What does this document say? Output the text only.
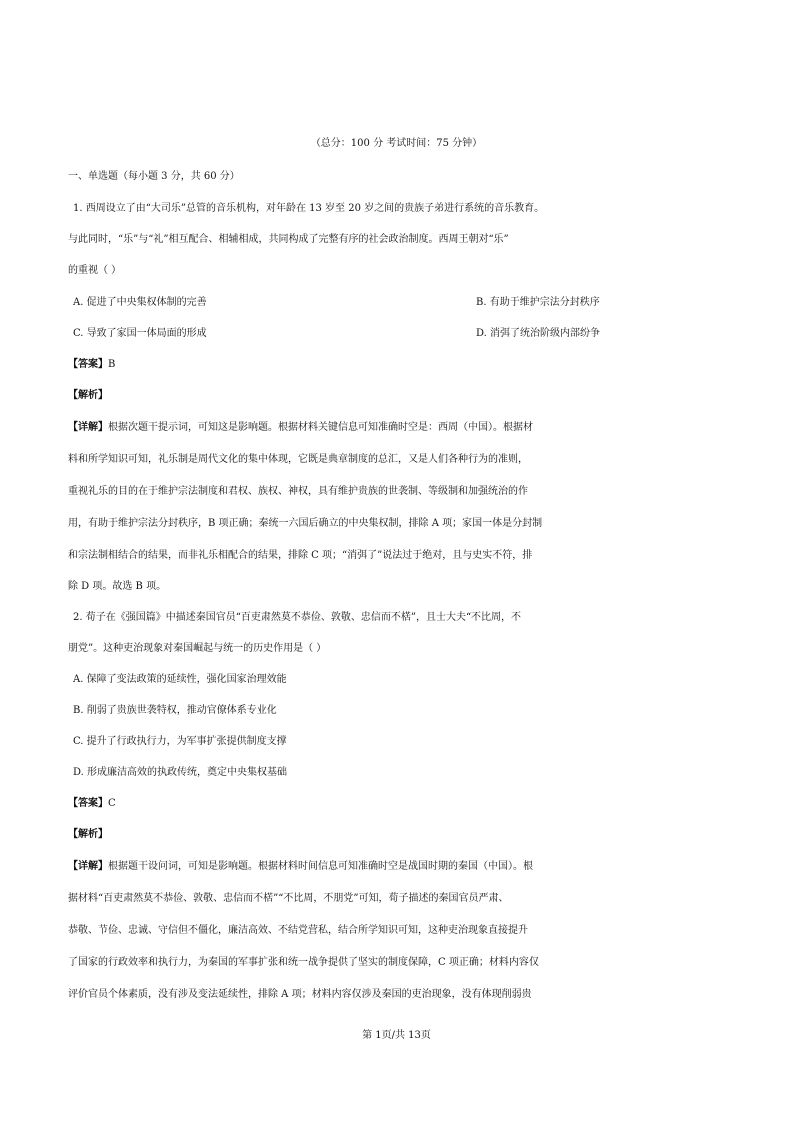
（总分：100 分 考试时间：75 分钟）
一、单选题（每小题 3 分，共 60 分）
1. 西周设立了由“大司乐”总管的音乐机构，对年龄在 13 岁至 20 岁之间的贵族子弟进行系统的音乐教育。
与此同时，“乐”与“礼”相互配合、相辅相成，共同构成了完整有序的社会政治制度。西周王朝对“乐”
的重视（ ）
A. 促进了中央集权体制的完善	B. 有助于维护宗法分封秩序
C. 导致了家国一体局面的形成	D. 消弭了统治阶级内部纷争
【答案】B
【解析】
【详解】根据次题干提示词，可知这是影响题。根据材料关键信息可知准确时空是：西周（中国）。根据材
料和所学知识可知，礼乐制是周代文化的集中体现，它既是典章制度的总汇，又是人们各种行为的准则，
重视礼乐的目的在于维护宗法制度和君权、族权、神权，具有维护贵族的世袭制、等级制和加强统治的作
用，有助于维护宗法分封秩序，B 项正确；秦统一六国后确立的中央集权制，排除 A 项；家国一体是分封制
和宗法制相结合的结果，而非礼乐相配合的结果，排除 C 项；“消弭了”说法过于绝对，且与史实不符，排
除 D 项。故选 B 项。
2. 荀子在《强国篇》中描述秦国官员“百吏肃然莫不恭俭、敦敬、忠信而不楛”，且士大夫“不比周，不
朋党”。这种吏治现象对秦国崛起与统一的历史作用是（ ）
A. 保障了变法政策的延续性，强化国家治理效能
B. 削弱了贵族世袭特权，推动官僚体系专业化
C. 提升了行政执行力，为军事扩张提供制度支撑
D. 形成廉洁高效的执政传统，奠定中央集权基础
【答案】C
【解析】
【详解】根据题干设问词，可知是影响题。根据材料时间信息可知准确时空是战国时期的秦国（中国）。根
据材料“百吏肃然莫不恭俭、敦敬、忠信而不楛”“不比周，不朋党”可知，荀子描述的秦国官员严肃、
恭敬、节俭、忠诚、守信但不僵化，廉洁高效、不结党营私，结合所学知识可知，这种吏治现象直接提升
了国家的行政效率和执行力，为秦国的军事扩张和统一战争提供了坚实的制度保障，C 项正确；材料内容仅
评价官员个体素质，没有涉及变法延续性，排除 A 项；材料内容仅涉及秦国的吏治现象，没有体现削弱贵
第 1页/共 13页
